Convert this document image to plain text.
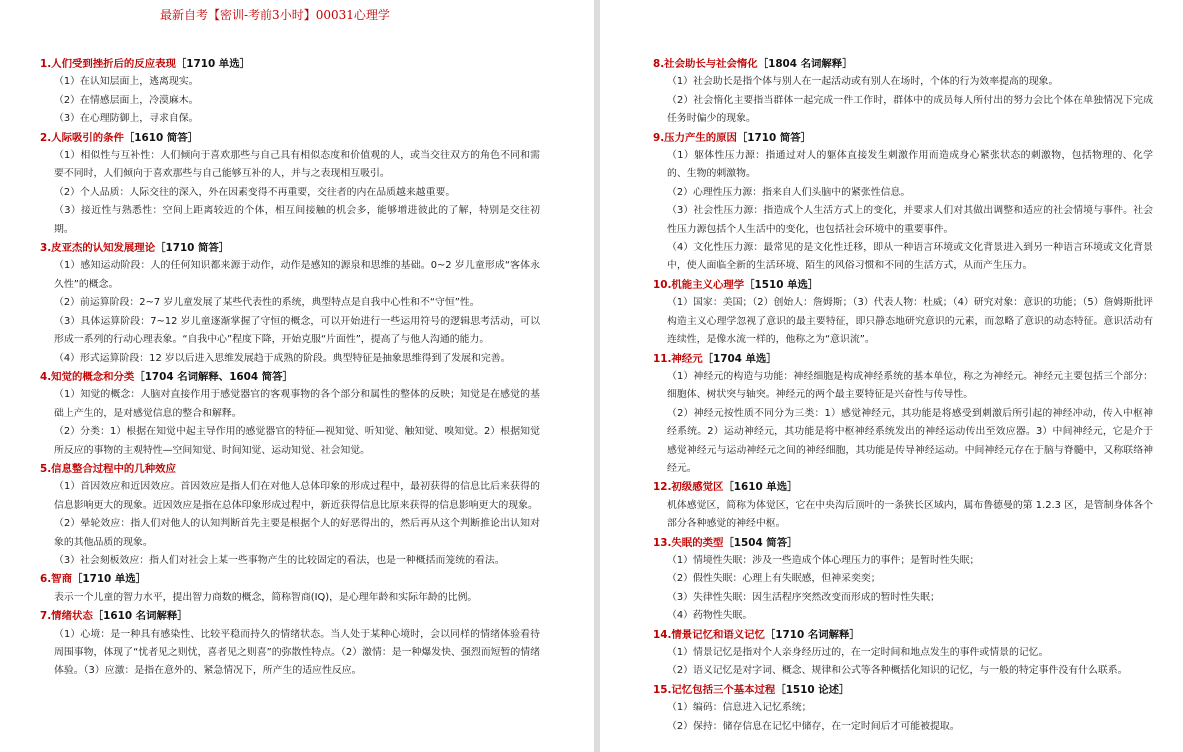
最新自考【密训-考前3小时】00031心理学
1.人们受到挫折后的反应表现［1710 单选］
（1）在认知层面上，逃离现实。
（2）在情感层面上，冷漠麻木。
（3）在心理防御上，寻求自保。
2.人际吸引的条件［1610 简答］
（1）相似性与互补性：人们倾向于喜欢那些与自己具有相似态度和价值观的人，或当交往双方的角色不同和需要不同时，人们倾向于喜欢那些与自己能够互补的人，并与之表现相互吸引。
（2）个人品质：人际交往的深入，外在因素变得不再重要，交往者的内在品质越来越重要。
（3）接近性与熟悉性：空间上距离较近的个体，相互间接触的机会多，能够增进彼此的了解，特别是交往初期。
3.皮亚杰的认知发展理论［1710 简答］
（1）感知运动阶段：人的任何知识都来源于动作，动作是感知的源泉和思维的基础。0~2 岁儿童形成“客体永久性”的概念。
（2）前运算阶段：2~7 岁儿童发展了某些代表性的系统，典型特点是自我中心性和不“守恒”性。
（3）具体运算阶段：7~12 岁儿童逐渐掌握了守恒的概念，可以开始进行一些运用符号的逻辑思考活动，可以形成一系列的行动心理表象。“自我中心”程度下降，开始克服“片面性”，提高了与他人沟通的能力。
（4）形式运算阶段：12 岁以后进入思维发展趋于成熟的阶段。典型特征是抽象思维得到了发展和完善。
4.知觉的概念和分类［1704 名词解释、1604 简答］
（1）知觉的概念：人脑对直接作用于感觉器官的客观事物的各个部分和属性的整体的反映；知觉是在感觉的基础上产生的，是对感觉信息的整合和解释。
（2）分类：1）根据在知觉中起主导作用的感觉器官的特征—视知觉、听知觉、触知觉、嗅知觉。2）根据知觉所反应的事物的主观特性—空间知觉、时间知觉、运动知觉、社会知觉。
5.信息整合过程中的几种效应
（1）首因效应和近因效应。首因效应是指人们在对他人总体印象的形成过程中，最初获得的信息比后来获得的信息影响更大的现象。近因效应是指在总体印象形成过程中，新近获得信息比原来获得的信息影响更大的现象。
（2）晕轮效应：指人们对他人的认知判断首先主要是根据个人的好恶得出的，然后再从这个判断推论出认知对象的其他品质的现象。
（3）社会刻板效应：指人们对社会上某一些事物产生的比较固定的看法，也是一种概括而笼统的看法。
6.智商［1710 单选］
表示一个儿童的智力水平，提出智力商数的概念，简称智商(IQ)，是心理年龄和实际年龄的比例。
7.情绪状态［1610 名词解释］
（1）心境：是一种具有感染性、比较平稳而持久的情绪状态。当人处于某种心境时，会以同样的情绪体验看待周围事物，体现了“忧者见之则忧，喜者见之则喜”的弥散性特点。（2）激情：是一种爆发快、强烈而短暂的情绪体验。（3）应激：是指在意外的、紧急情况下，所产生的适应性反应。
8.社会助长与社会惰化［1804 名词解释］
（1）社会助长是指个体与别人在一起活动或有别人在场时，个体的行为效率提高的现象。
（2）社会惰化主要指当群体一起完成一件工作时，群体中的成员每人所付出的努力会比个体在单独情况下完成任务时偏少的现象。
9.压力产生的原因［1710 简答］
（1）躯体性压力源：指通过对人的躯体直接发生刺激作用而造成身心紧张状态的刺激物，包括物理的、化学的、生物的刺激物。
（2）心理性压力源：指来自人们头脑中的紧张性信息。
（3）社会性压力源：指造成个人生活方式上的变化，并要求人们对其做出调整和适应的社会情境与事件。社会性压力源包括个人生活中的变化，也包括社会环境中的重要事件。
（4）文化性压力源：最常见的是文化性迁移，即从一种语言环境或文化背景进入到另一种语言环境或文化背景中，使人面临全新的生活环境、陌生的风俗习惯和不同的生活方式，从而产生压力。
10.机能主义心理学［1510 单选］
（1）国家：美国；（2）创始人：詹姆斯；（3）代表人物：杜威；（4）研究对象：意识的功能；（5）詹姆斯批评构造主义心理学忽视了意识的最主要特征，即只静态地研究意识的元素，而忽略了意识的动态特征。意识活动有连续性，是像水流一样的，他称之为“意识流”。
11.神经元［1704 单选］
（1）神经元的构造与功能：神经细胞是构成神经系统的基本单位，称之为神经元。神经元主要包括三个部分：细胞体、树状突与轴突。神经元的两个最主要特征是兴奋性与传导性。
（2）神经元按性质不同分为三类：1）感觉神经元，其功能是将感受到刺激后所引起的神经冲动，传入中枢神经系统。2）运动神经元，其功能是将中枢神经系统发出的神经运动传出至效应器。3）中间神经元，它是介于感觉神经元与运动神经元之间的神经细胞，其功能是传导神经运动。中间神经元存在于脑与脊髓中，又称联络神经元。
12.初级感觉区［1610 单选］
机体感觉区，简称为体觉区，它在中央沟后顶叶的一条狭长区域内，属布鲁德曼的第 1.2.3 区，是管制身体各个部分各种感觉的神经中枢。
13.失眠的类型［1504 简答］
（1）情境性失眠：涉及一些造成个体心理压力的事件；是暂时性失眠；
（2）假性失眠：心理上有失眠感，但神采奕奕；
（3）失律性失眠：因生活程序突然改变而形成的暂时性失眠；
（4）药物性失眠。
14.情景记忆和语义记忆［1710 名词解释］
（1）情景记忆是指对个人亲身经历过的，在一定时间和地点发生的事件或情景的记忆。
（2）语义记忆是对字词、概念、规律和公式等各种概括化知识的记忆，与一般的特定事件没有什么联系。
15.记忆包括三个基本过程［1510 论述］
（1）编码：信息进入记忆系统；
（2）保持：储存信息在记忆中储存，在一定时间后才可能被提取。
